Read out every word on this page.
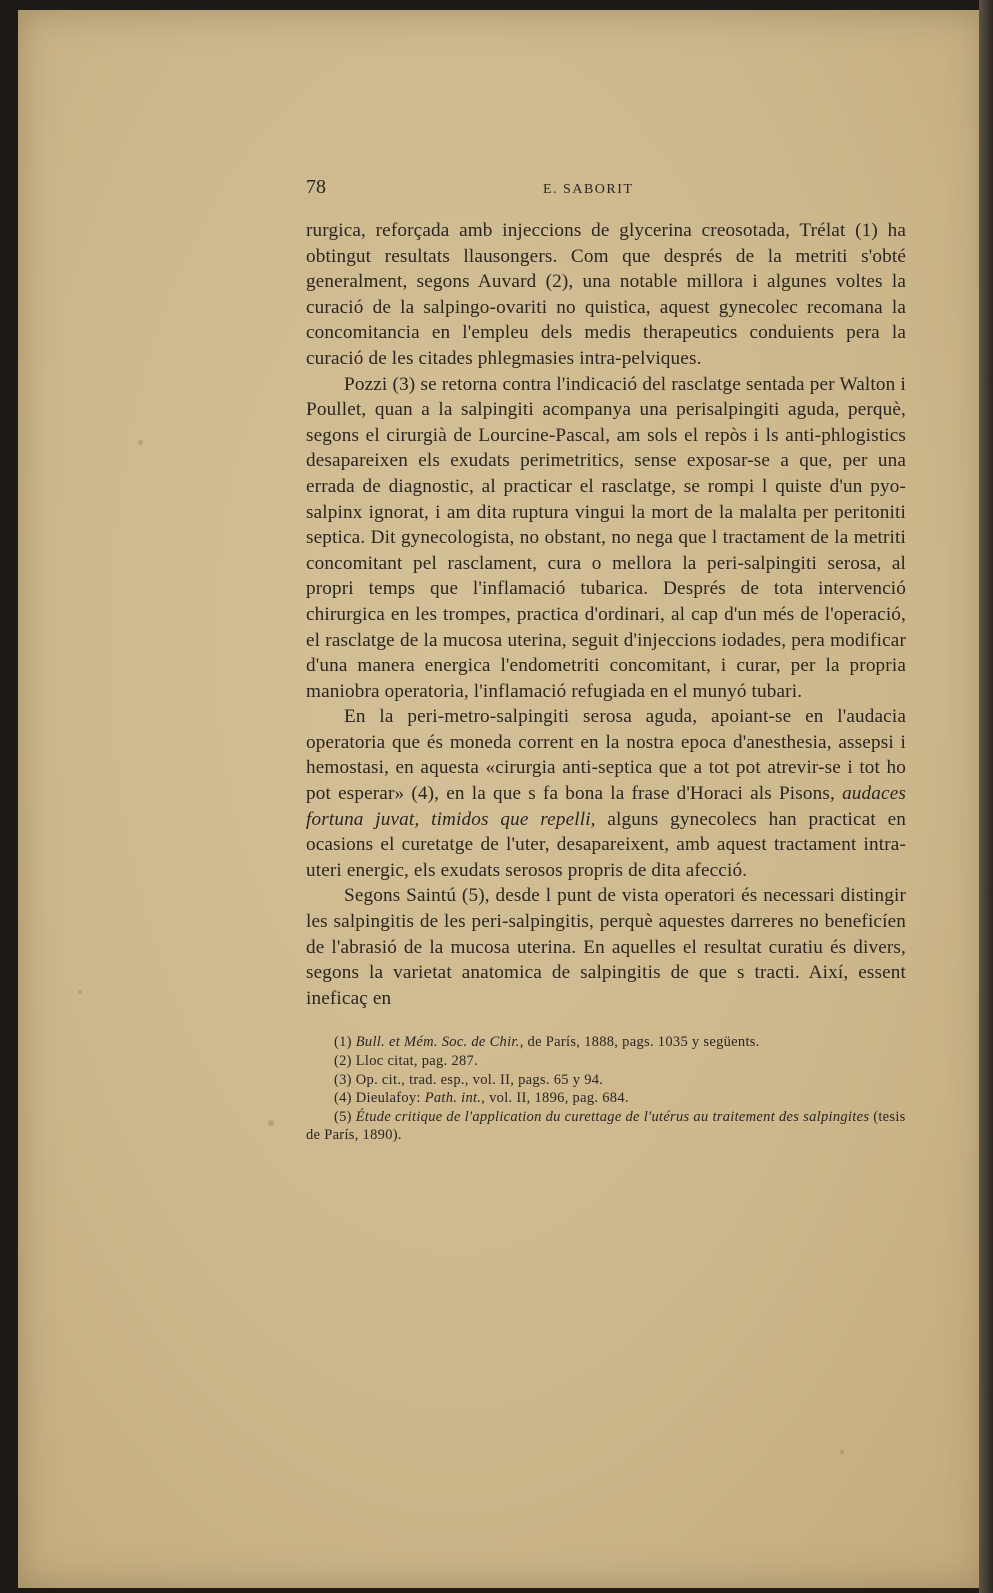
78	E. SABORIT

rurgica, reforçada amb injeccions de glycerina creosotada, Trélat (1) ha obtingut resultats llausongers. Com que després de la metriti s'obté generalment, segons Auvard (2), una notable millora i algunes voltes la curació de la salpingo-ovariti no quistica, aquest gynecolec recomana la concomitancia en l'empleu dels medis therapeutics conduients pera la curació de les citades phlegmasies intra-pelviques.

Pozzi (3) se retorna contra l'indicació del rasclatge sentada per Walton i Poullet, quan a la salpingiti acompanya una perisalpingiti aguda, perquè, segons el cirurgià de Lourcine-Pascal, am sols el repòs i ls anti-phlogistics desapareixen els exudats perimetritics, sense exposar-se a que, per una errada de diagnostic, al practicar el rasclatge, se rompi l quiste d'un pyo-salpinx ignorat, i am dita ruptura vingui la mort de la malalta per peritoniti septica. Dit gynecologista, no obstant, no nega que l tractament de la metriti concomitant pel rasclament, cura o mellora la peri-salpingiti serosa, al propri temps que l'inflamació tubarica. Després de tota intervenció chirurgica en les trompes, practica d'ordinari, al cap d'un més de l'operació, el rasclatge de la mucosa uterina, seguit d'injeccions iodades, pera modificar d'una manera energica l'endometriti concomitant, i curar, per la propria maniobra operatoria, l'inflamació refugiada en el munyó tubari.

En la peri-metro-salpingiti serosa aguda, apoiant-se en l'audacia operatoria que és moneda corrent en la nostra epoca d'anesthesia, assepsi i hemostasi, en aquesta «cirurgia anti-septica que a tot pot atrevir-se i tot ho pot esperar» (4), en la que s fa bona la frase d'Horaci als Pisons, audaces fortuna juvat, timidos que repelli, alguns gynecolecs han practicat en ocasions el curetatge de l'uter, desapareixent, amb aquest tractament intra-uteri energic, els exudats serosos propris de dita afecció.

Segons Saintú (5), desde l punt de vista operatori és necessari distingir les salpingitis de les peri-salpingitis, perquè aquestes darreres no beneficíen de l'abrasió de la mucosa uterina. En aquelles el resultat curatiu és divers, segons la varietat anatomica de salpingitis de que s tracti. Així, essent ineficaç en

(1) Bull. et Mém. Soc. de Chir., de París, 1888, pags. 1035 y següents.
(2) Lloc citat, pag. 287.
(3) Op. cit., trad. esp., vol. II, pags. 65 y 94.
(4) Dieulafoy: Path. int., vol. II, 1896, pag. 684.
(5) Étude critique de l'application du curettage de l'utérus au traitement des salpingites (tesis de París, 1890).
